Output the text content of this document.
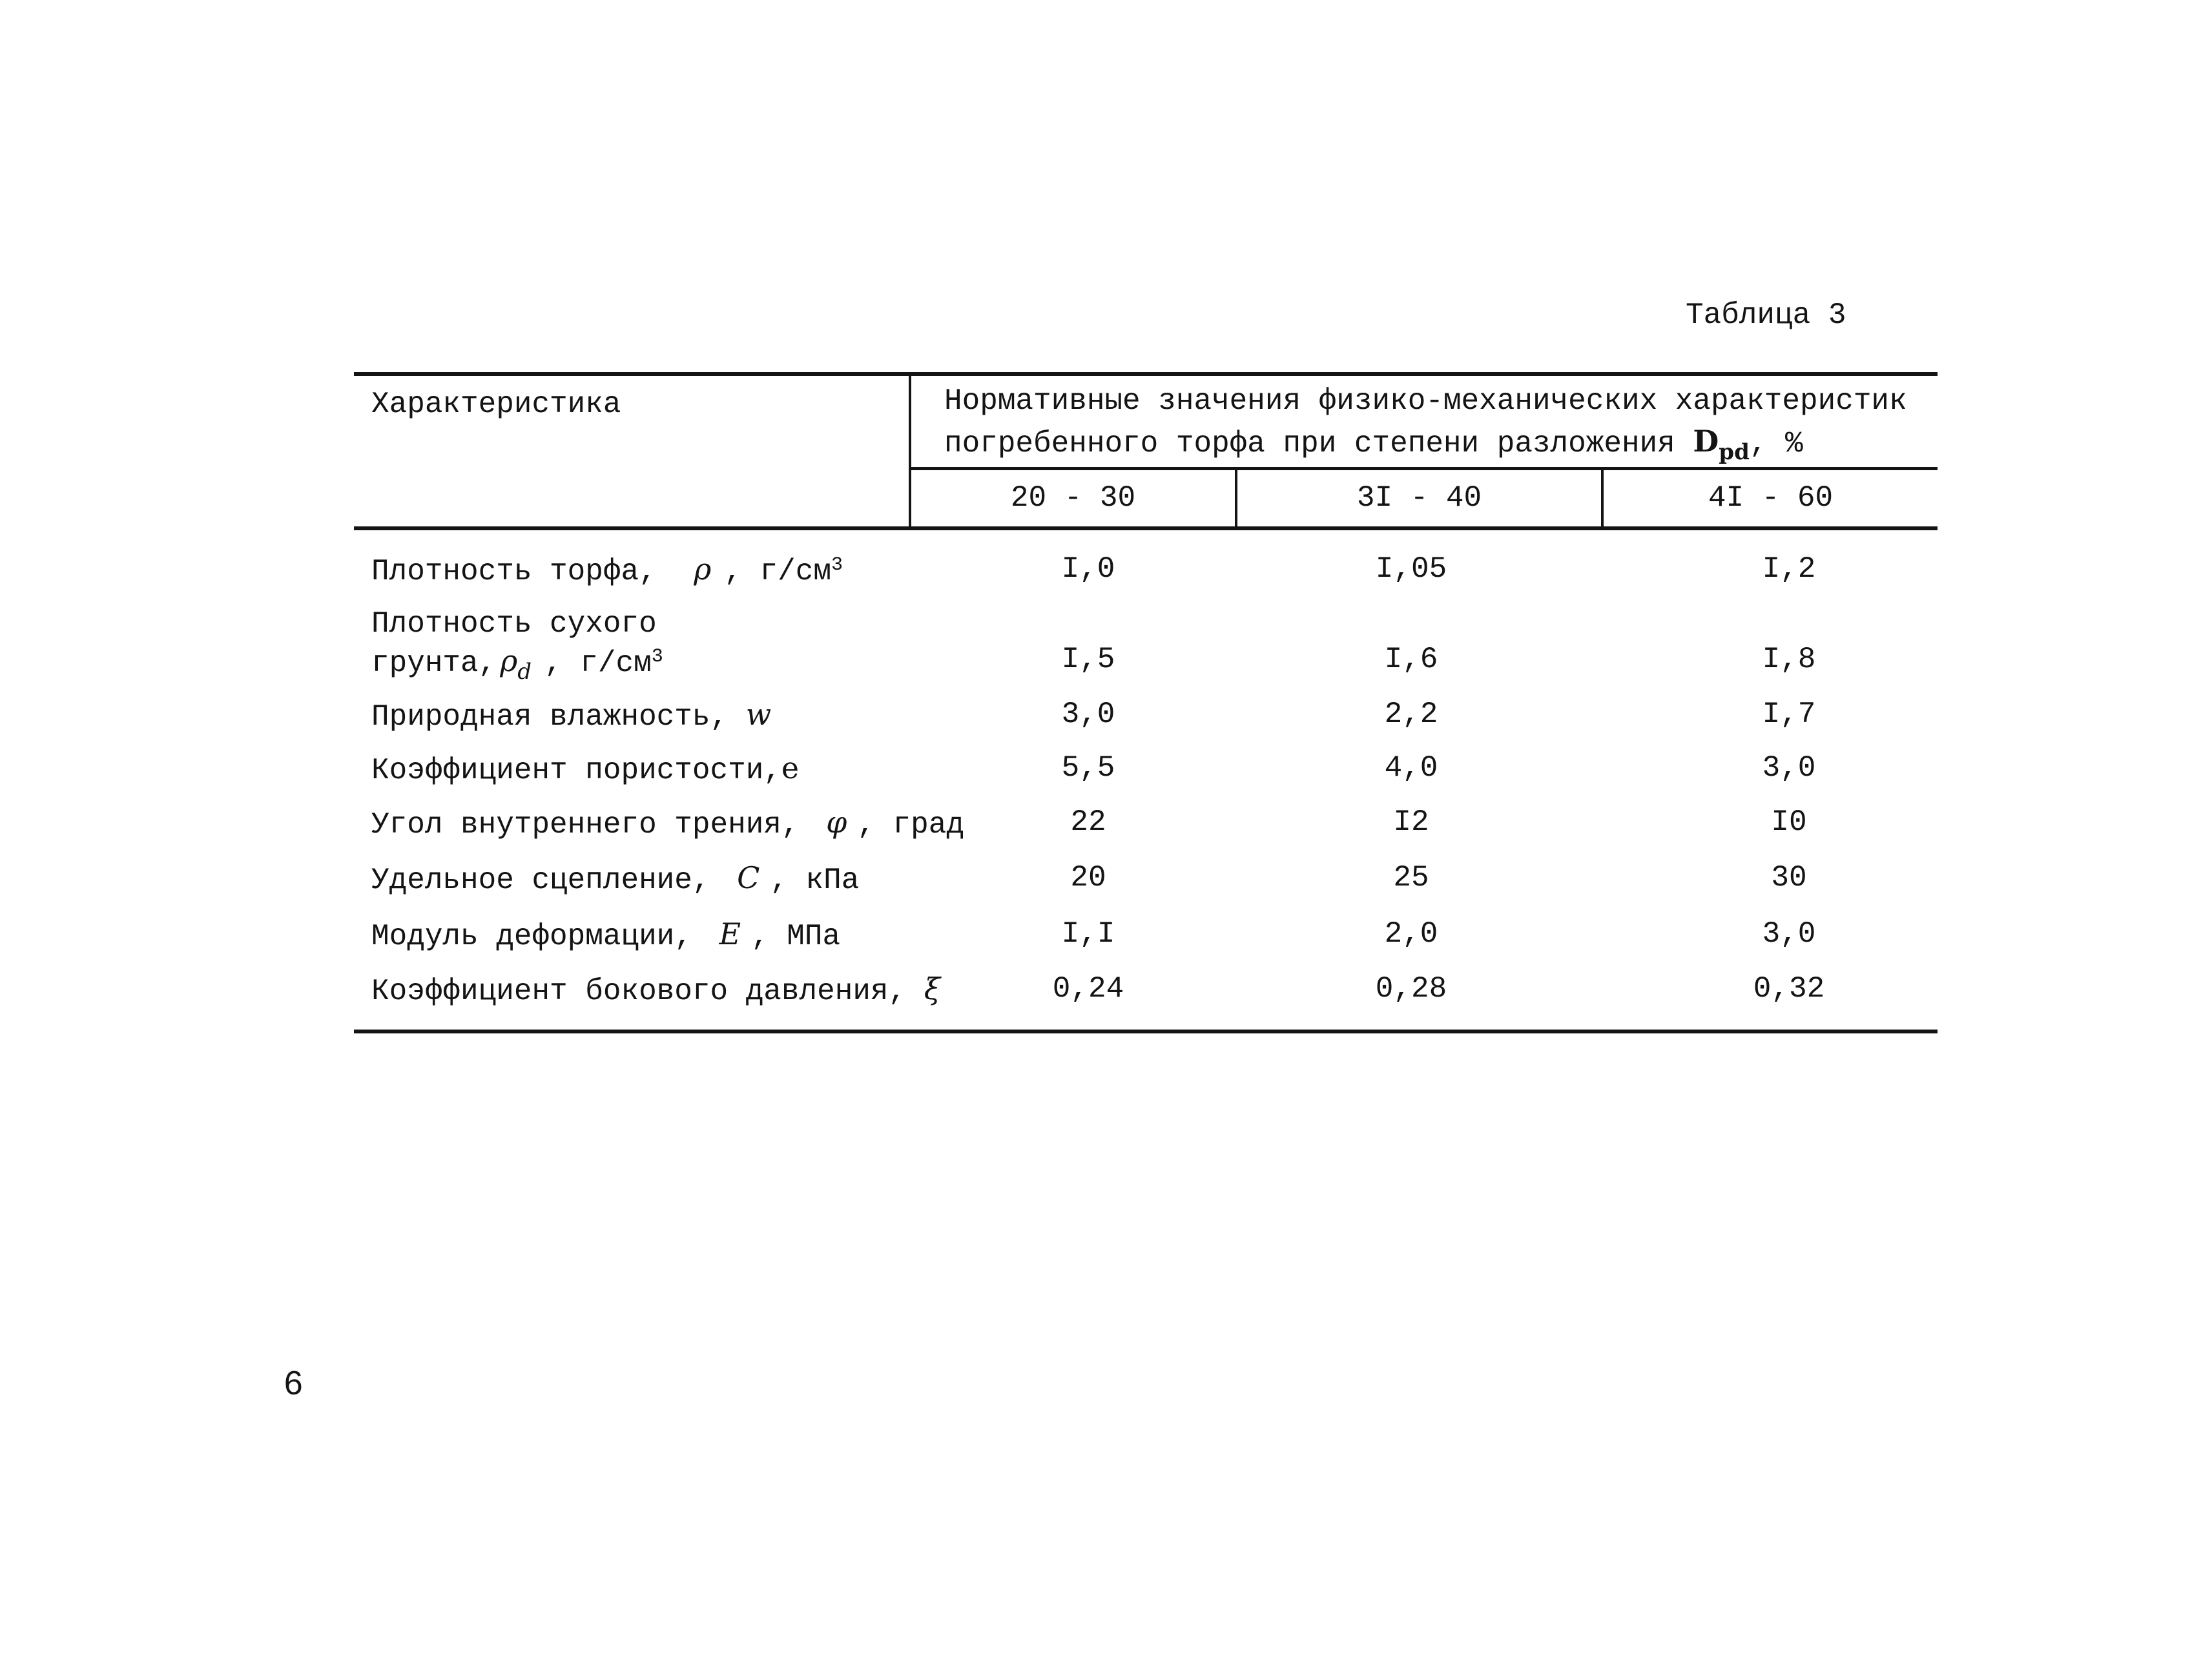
Таблица 3
Характеристика	Нормативные значения физико-механических характеристик
погребенного торфа при степени разложения $D_{pd}$, %
20 - 30	3I - 40	4I - 60
Плотность торфа, ρ , $г/см^3$	I,0	I,05	I,2
Плотность сухого
грунта, $\rho_d$ , $г/см^3$	I,5	I,6	I,8
Природная влажность, w	3,0	2,2	I,7
Коэффициент пористости,e	5,5	4,0	3,0
Угол внутреннего трения, φ , град	22	I2	I0
Удельное сцепление, C , кПа	20	25	30
Модуль деформации, E , МПа	I,I	2,0	3,0
Коэффициент бокового давления, ξ	0,24	0,28	0,32
9
